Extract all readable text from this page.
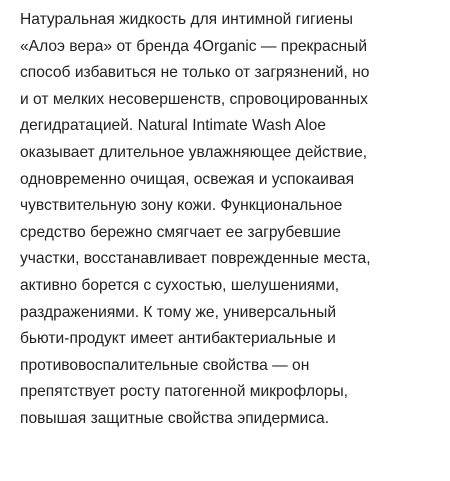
Натуральная жидкость для интимной гигиены
«Алоэ вера» от бренда 4Organic — прекрасный
способ избавиться не только от загрязнений, но
и от мелких несовершенств, спровоцированных
дегидратацией. Natural Intimate Wash Aloe
оказывает длительное увлажняющее действие,
одновременно очищая, освежая и успокаивая
чувствительную зону кожи. Функциональное
средство бережно смягчает ее загрубевшие
участки, восстанавливает поврежденные места,
активно борется с сухостью, шелушениями,
раздражениями. К тому же, универсальный
бьюти-продукт имеет антибактериальные и
противовоспалительные свойства — он
препятствует росту патогенной микрофлоры,
повышая защитные свойства эпидермиса.
